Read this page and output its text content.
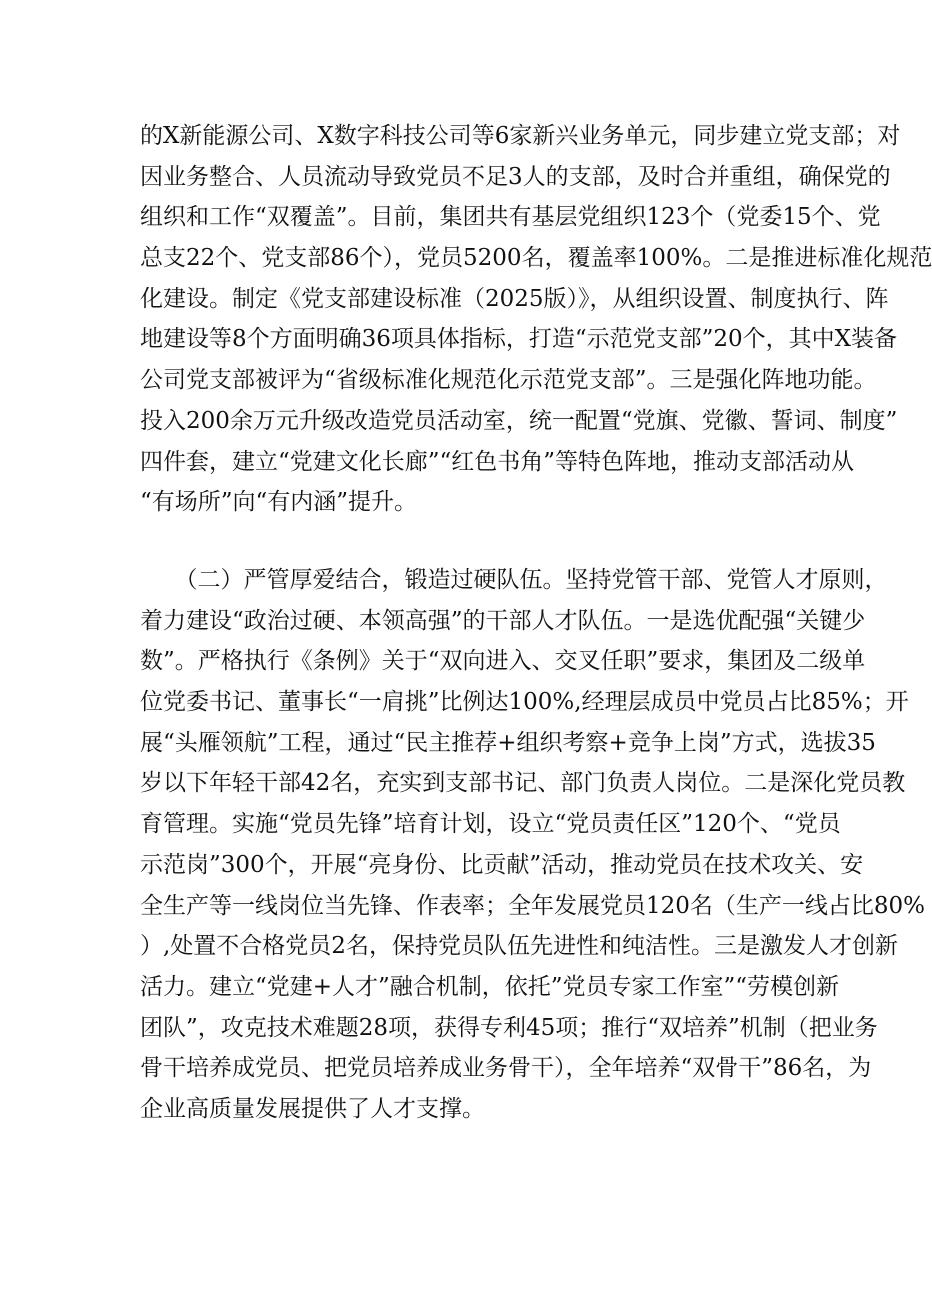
的X新能源公司、X数字科技公司等6家新兴业务单元，同步建立党支部；对
因业务整合、人员流动导致党员不足3人的支部，及时合并重组，确保党的
组织和工作“双覆盖”。目前，集团共有基层党组织123个（党委15个、党
总支22个、党支部86个），党员5200名，覆盖率100%。二是推进标准化规范
化建设。制定《党支部建设标准（2025版）》，从组织设置、制度执行、阵
地建设等8个方面明确36项具体指标，打造“示范党支部”20个，其中X装备
公司党支部被评为“省级标准化规范化示范党支部”。三是强化阵地功能。
投入200余万元升级改造党员活动室，统一配置“党旗、党徽、誓词、制度”
四件套，建立“党建文化长廊”“红色书角”等特色阵地，推动支部活动从
“有场所”向“有内涵”提升。
　　（二）严管厚爱结合，锻造过硬队伍。坚持党管干部、党管人才原则，
着力建设“政治过硬、本领高强”的干部人才队伍。一是选优配强“关键少
数”。严格执行《条例》关于“双向进入、交叉任职”要求，集团及二级单
位党委书记、董事长“一肩挑”比例达100%,经理层成员中党员占比85%；开
展“头雁领航”工程，通过“民主推荐+组织考察+竞争上岗”方式，选拔35
岁以下年轻干部42名，充实到支部书记、部门负责人岗位。二是深化党员教
育管理。实施“党员先锋”培育计划，设立“党员责任区”120个、“党员
示范岗”300个，开展“亮身份、比贡献”活动，推动党员在技术攻关、安
全生产等一线岗位当先锋、作表率；全年发展党员120名（生产一线占比80%
）,处置不合格党员2名，保持党员队伍先进性和纯洁性。三是激发人才创新
活力。建立“党建+人才”融合机制，依托”党员专家工作室”“劳模创新
团队”，攻克技术难题28项，获得专利45项；推行“双培养”机制（把业务
骨干培养成党员、把党员培养成业务骨干），全年培养“双骨干”86名，为
企业高质量发展提供了人才支撑。
